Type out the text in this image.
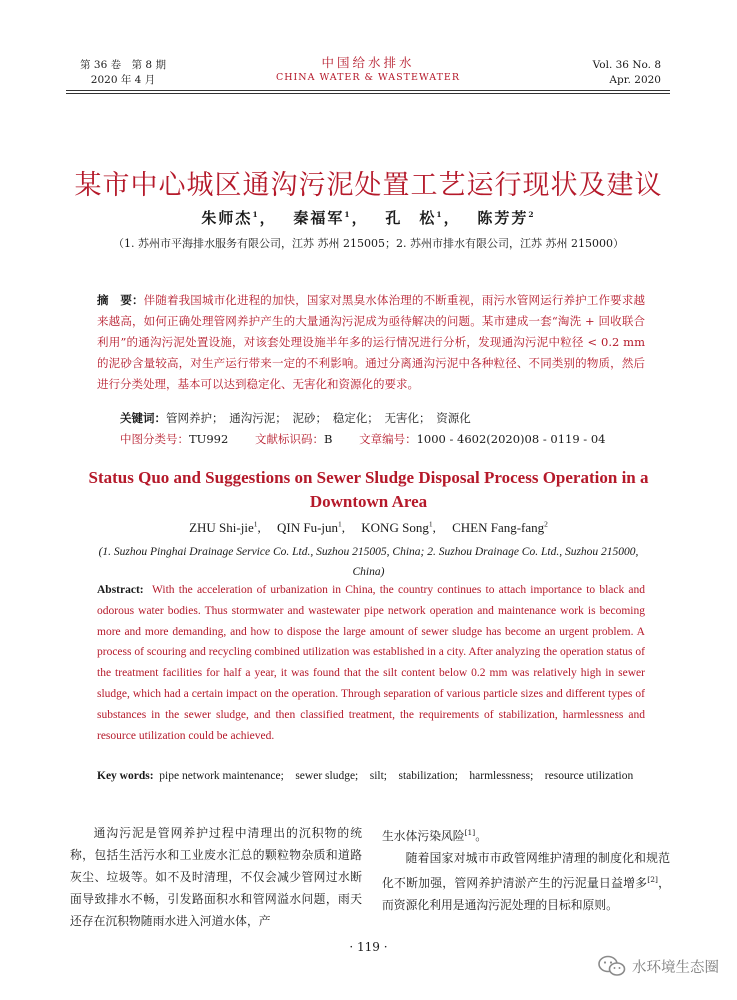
第 36 卷　第 8 期
2020 年 4 月
中国给水排水
CHINA WATER & WASTEWATER
Vol. 36 No. 8
Apr. 2020
某市中心城区通沟污泥处置工艺运行现状及建议
朱师杰$^1$，　 秦福军$^1$，　 孔　松$^1$，　 陈芳芳$^2$
（1. 苏州市平海排水服务有限公司，江苏 苏州 215005；2. 苏州市排水有限公司，江苏 苏州 215000）
摘　要：伴随着我国城市化进程的加快，国家对黑臭水体治理的不断重视，雨污水管网运行养护工作要求越来越高，如何正确处理管网养护产生的大量通沟污泥成为亟待解决的问题。某市建成一套“淘洗 + 回收联合利用”的通沟污泥处置设施，对该套处理设施半年多的运行情况进行分析，发现通沟污泥中粒径 < 0.2 mm 的泥砂含量较高，对生产运行带来一定的不利影响。通过分离通沟污泥中各种粒径、不同类别的物质，然后进行分类处理，基本可以达到稳定化、无害化和资源化的要求。
关键词：管网养护；　通沟污泥；　泥砂；　稳定化；　无害化；　资源化
中图分类号：TU992　　 文献标识码：B　　 文章编号：1000 - 4602(2020)08 - 0119 - 04
Status Quo and Suggestions on Sewer Sludge Disposal Process Operation in a Downtown Area
ZHU Shi-jie$^1$,　 QIN Fu-jun$^1$,　 KONG Song$^1$,　 CHEN Fang-fang$^2$
(1. Suzhou Pinghai Drainage Service Co. Ltd., Suzhou 215005, China; 2. Suzhou Drainage Co. Ltd., Suzhou 215000, China)
Abstract: With the acceleration of urbanization in China, the country continues to attach importance to black and odorous water bodies. Thus stormwater and wastewater pipe network operation and maintenance work is becoming more and more demanding, and how to dispose the large amount of sewer sludge has become an urgent problem. A process of scouring and recycling combined utilization was established in a city. After analyzing the operation status of the treatment facilities for half a year, it was found that the silt content below 0.2 mm was relatively high in sewer sludge, which had a certain impact on the operation. Through separation of various particle sizes and different types of substances in the sewer sludge, and then classified treatment, the requirements of stabilization, harmlessness and resource utilization could be achieved.
Key words: pipe network maintenance;　sewer sludge;　silt;　stabilization;　harmlessness;　resource utilization
通沟污泥是管网养护过程中清理出的沉积物的统称，包括生活污水和工业废水汇总的颗粒物杂质和道路灰尘、垃圾等。如不及时清理，不仅会减少管网过水断面导致排水不畅，引发路面积水和管网溢水问题，雨天还存在沉积物随雨水进入河道水体，产

生水体污染风险[1]。

随着国家对城市市政管网维护清理的制度化和规范化不断加强，管网养护清淤产生的污泥量日益增多[2]，而资源化利用是通沟污泥处理的目标和原则。

· 119 ·
水环境生态圈
